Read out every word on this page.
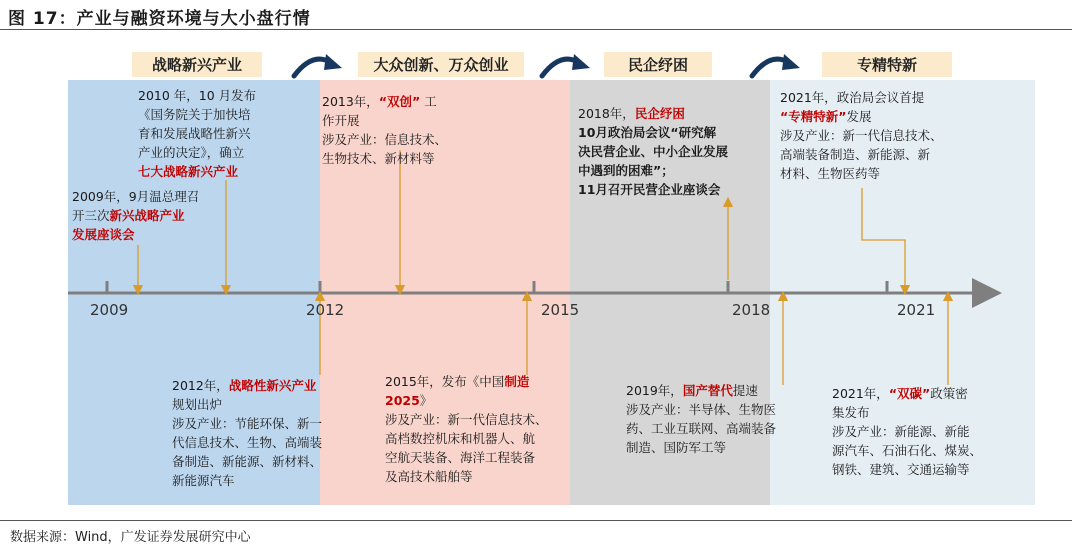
图 17：产业与融资环境与大小盘行情
战略新兴产业	大众创新、万众创业	民企纾困	专精特新
2009	2012	2015	2018	2021
2010 年，10 月发布
《国务院关于加快培
育和发展战略性新兴
产业的决定》，确立
七大战略新兴产业
2009年，9月温总理召
开三次新兴战略产业
发展座谈会
2013年，“双创” 工
作开展
涉及产业：信息技术、
生物技术、新材料等
2018年，民企纾困
10月政治局会议“研究解
决民营企业、中小企业发展
中遇到的困难”；
11月召开民营企业座谈会
2021年，政治局会议首提
“专精特新”发展
涉及产业：新一代信息技术、
高端装备制造、新能源、新
材料、生物医药等
2012年，战略性新兴产业
规划出炉
涉及产业：节能环保、新一
代信息技术、生物、高端装
备制造、新能源、新材料、
新能源汽车
2015年，发布《中国制造
2025》
涉及产业：新一代信息技术、
高档数控机床和机器人、航
空航天装备、海洋工程装备
及高技术船舶等
2019年，国产替代提速
涉及产业：半导体、生物医
药、工业互联网、高端装备
制造、国防军工等
2021年，“双碳”政策密
集发布
涉及产业：新能源、新能
源汽车、石油石化、煤炭、
钢铁、建筑、交通运输等
数据来源：Wind，广发证券发展研究中心
